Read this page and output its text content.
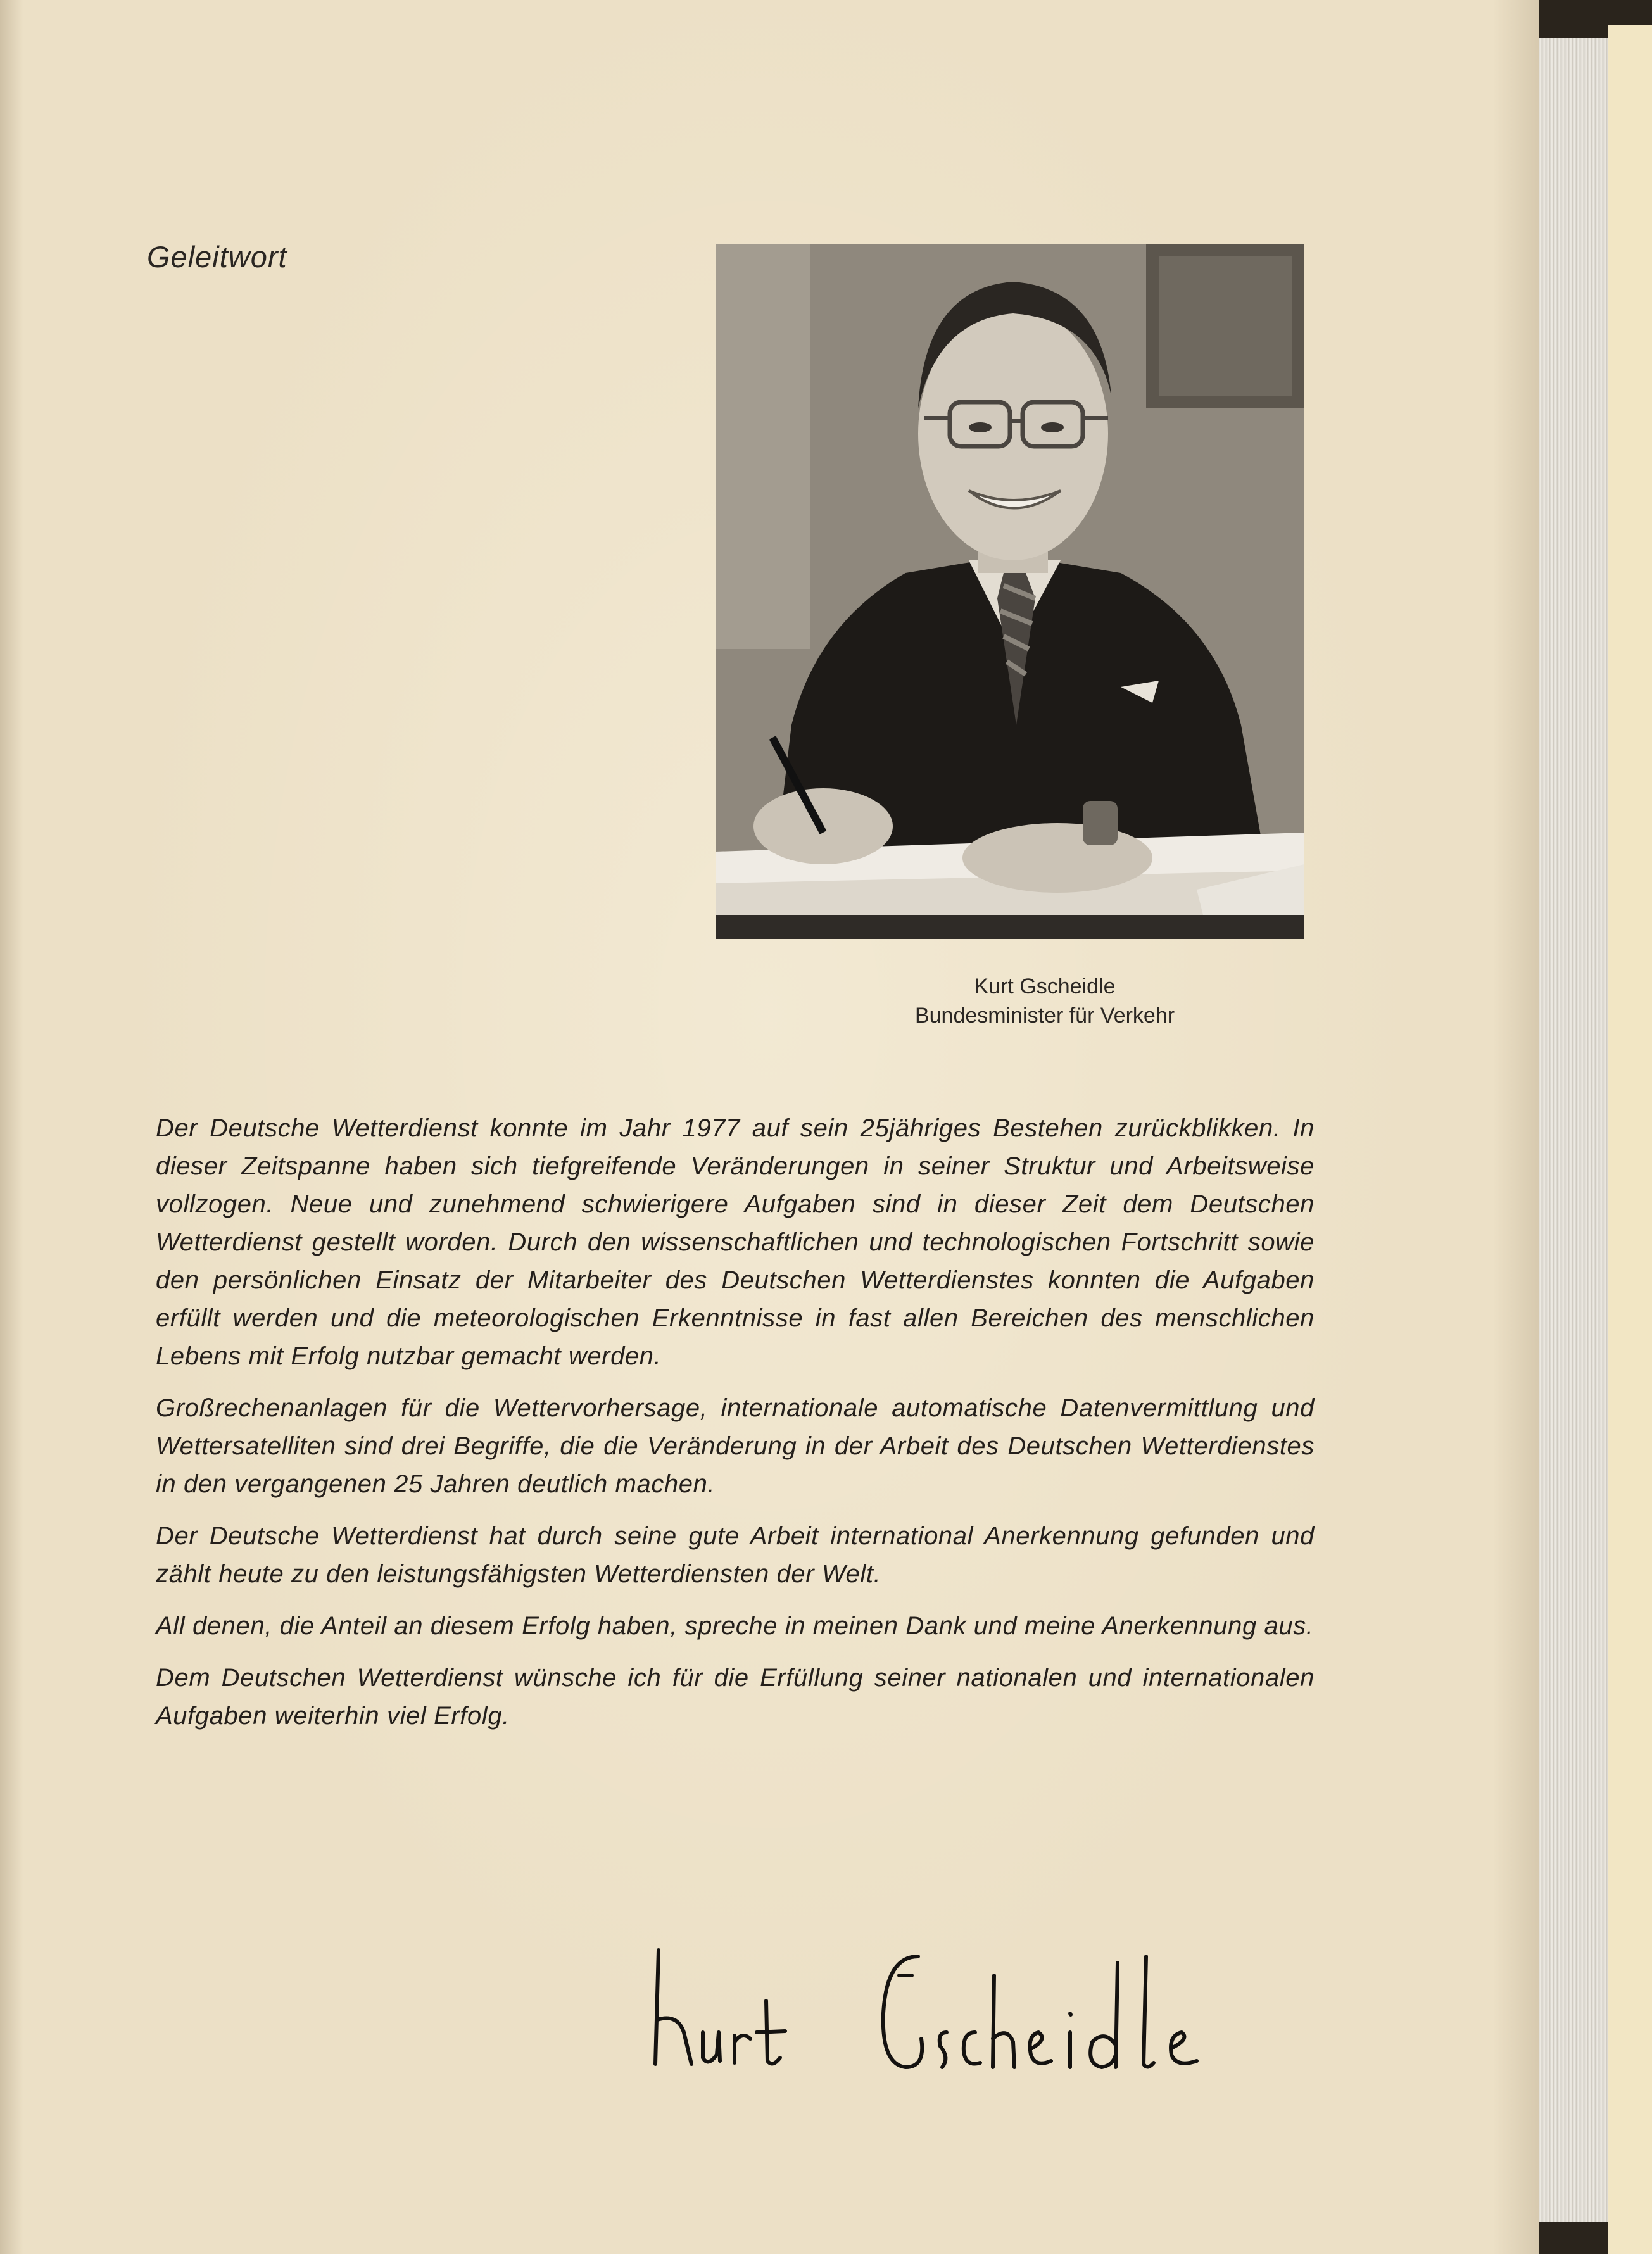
Geleitwort
Kurt Gscheidle
Bundesminister für Verkehr

Der Deutsche Wetterdienst konnte im Jahr 1977 auf sein 25jähriges Bestehen zurückblikken. In dieser Zeitspanne haben sich tiefgreifende Veränderungen in seiner Struktur und Arbeitsweise vollzogen. Neue und zunehmend schwierigere Aufgaben sind in dieser Zeit dem Deutschen Wetterdienst gestellt worden. Durch den wissenschaftlichen und technologischen Fortschritt sowie den persönlichen Einsatz der Mitarbeiter des Deutschen Wetterdienstes konnten die Aufgaben erfüllt werden und die meteorologischen Erkenntnisse in fast allen Bereichen des menschlichen Lebens mit Erfolg nutzbar gemacht werden.

Großrechenanlagen für die Wettervorhersage, internationale automatische Datenvermittlung und Wettersatelliten sind drei Begriffe, die die Veränderung in der Arbeit des Deutschen Wetterdienstes in den vergangenen 25 Jahren deutlich machen.

Der Deutsche Wetterdienst hat durch seine gute Arbeit international Anerkennung gefunden und zählt heute zu den leistungsfähigsten Wetterdiensten der Welt.

All denen, die Anteil an diesem Erfolg haben, spreche in meinen Dank und meine Anerkennung aus.

Dem Deutschen Wetterdienst wünsche ich für die Erfüllung seiner nationalen und internationalen Aufgaben weiterhin viel Erfolg.
